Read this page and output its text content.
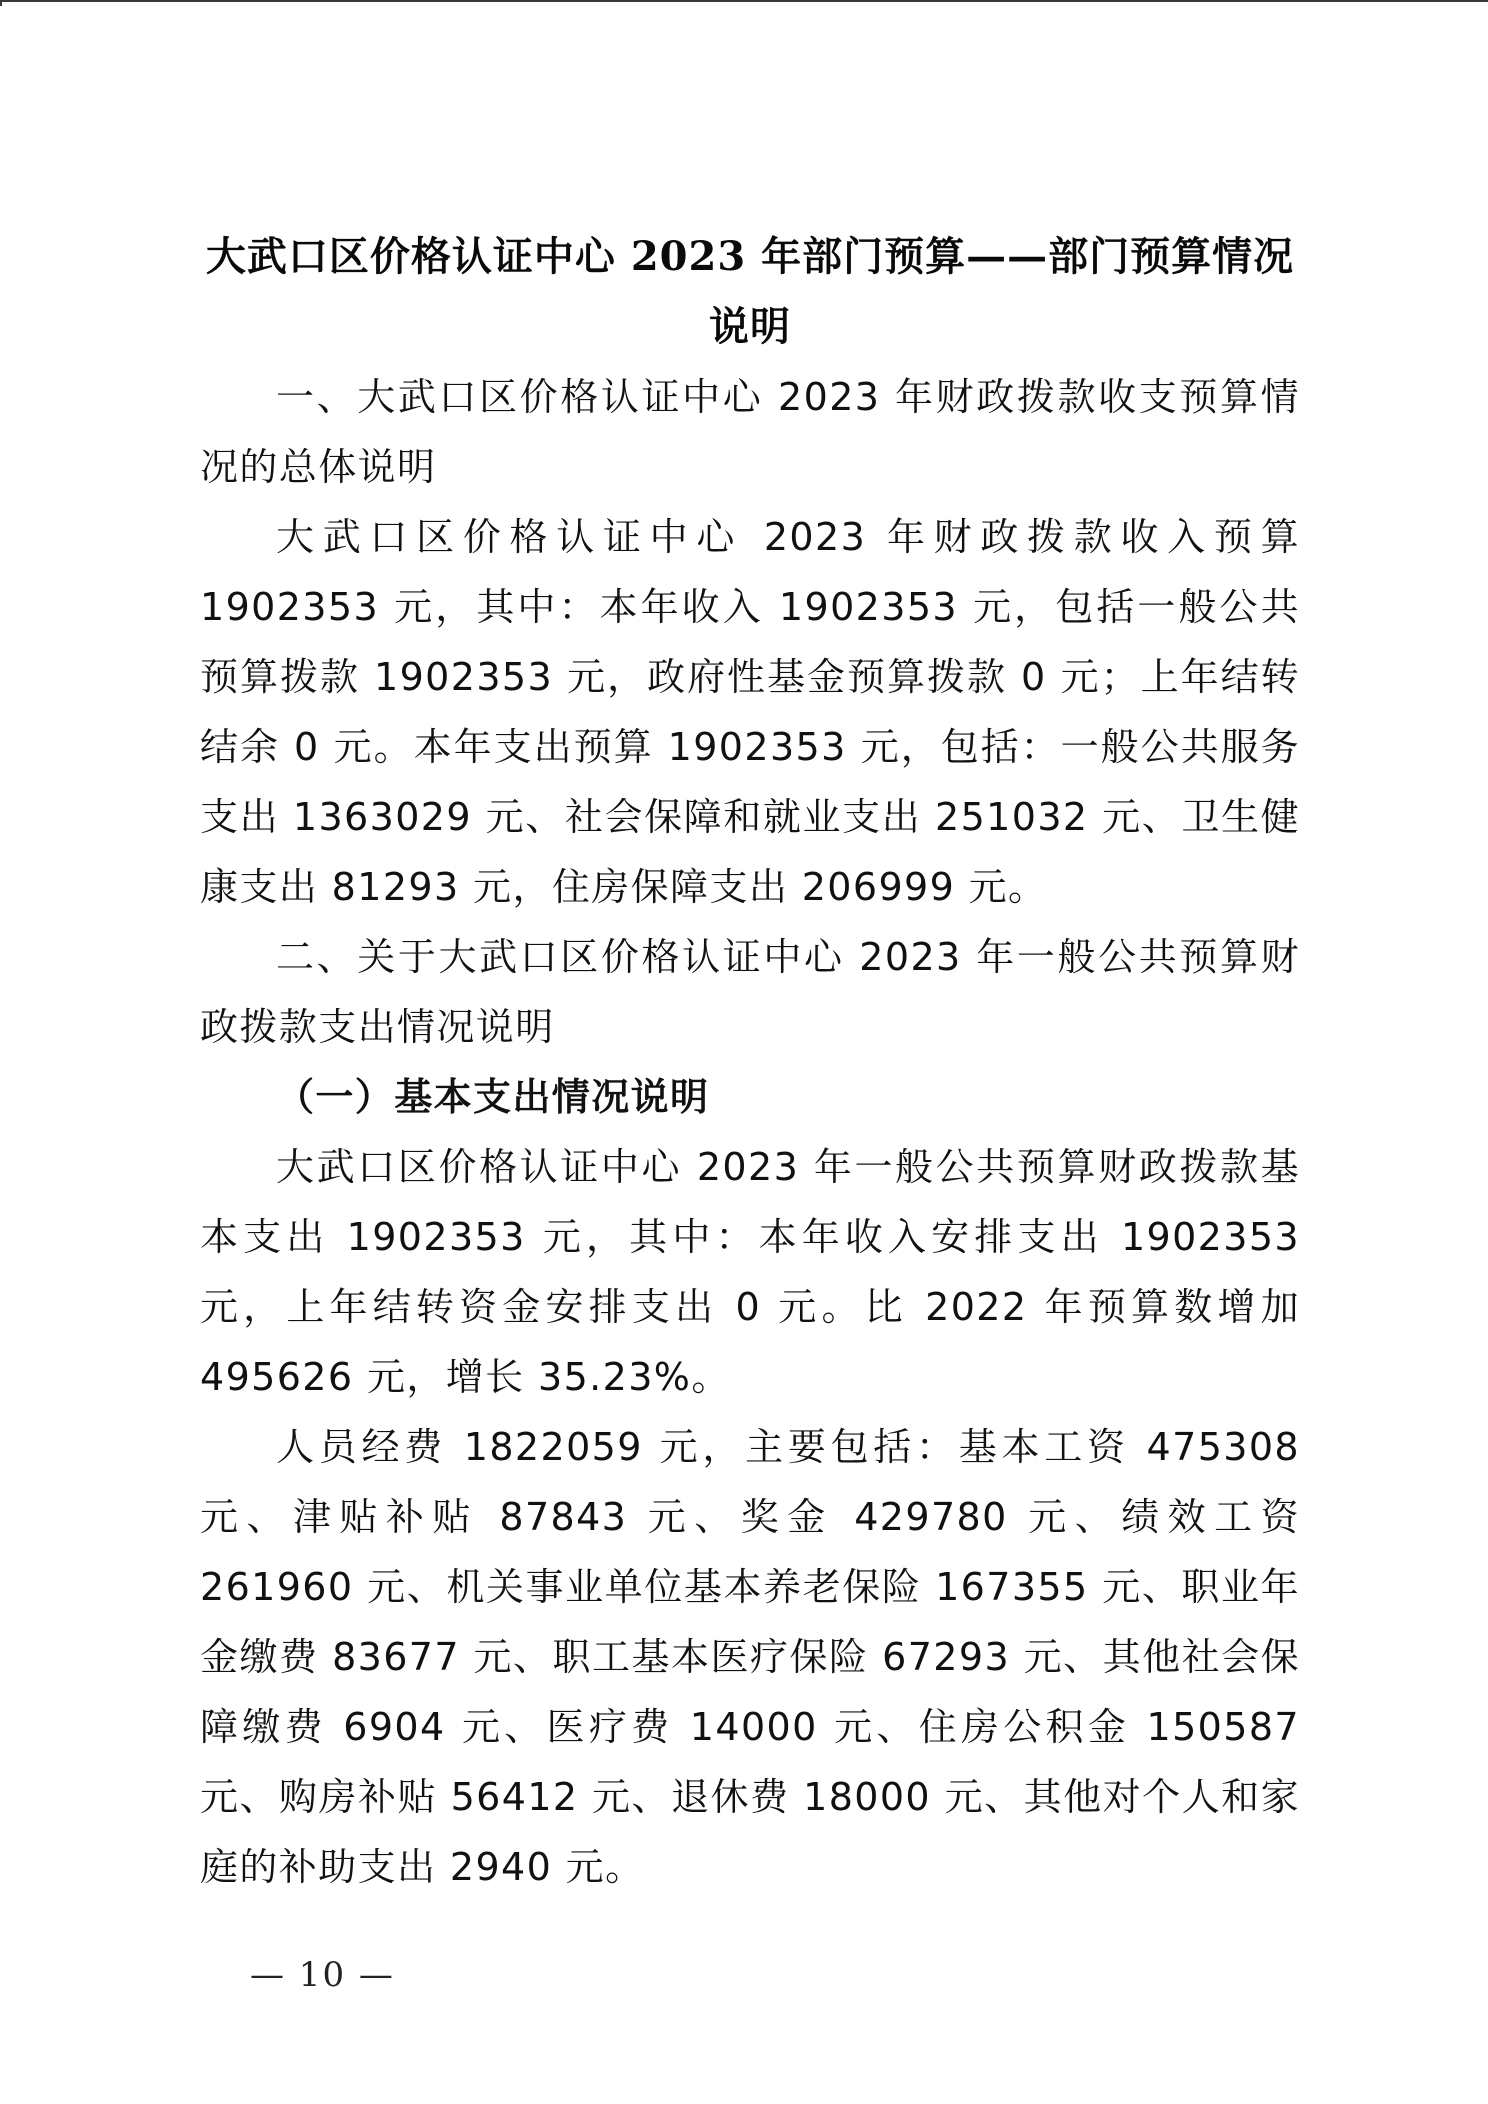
大武口区价格认证中心 2023 年部门预算——部门预算情况说明

一、大武口区价格认证中心 2023 年财政拨款收支预算情况的总体说明

大武口区价格认证中心 2023 年财政拨款收入预算 1902353 元，其中：本年收入 1902353 元，包括一般公共预算拨款 1902353 元，政府性基金预算拨款 0 元；上年结转结余 0 元。本年支出预算 1902353 元，包括：一般公共服务支出 1363029 元、社会保障和就业支出 251032 元、卫生健康支出 81293 元，住房保障支出 206999 元。

二、关于大武口区价格认证中心 2023 年一般公共预算财政拨款支出情况说明

（一）基本支出情况说明

大武口区价格认证中心 2023 年一般公共预算财政拨款基本支出 1902353 元，其中：本年收入安排支出 1902353 元，上年结转资金安排支出 0 元。比 2022 年预算数增加 495626 元，增长 35.23%。

人员经费 1822059 元，主要包括：基本工资 475308 元、津贴补贴 87843 元、奖金 429780 元、绩效工资 261960 元、机关事业单位基本养老保险 167355 元、职业年金缴费 83677 元、职工基本医疗保险 67293 元、其他社会保障缴费 6904 元、医疗费 14000 元、住房公积金 150587 元、购房补贴 56412 元、退休费 18000 元、其他对个人和家庭的补助支出 2940 元。

— 10 —
